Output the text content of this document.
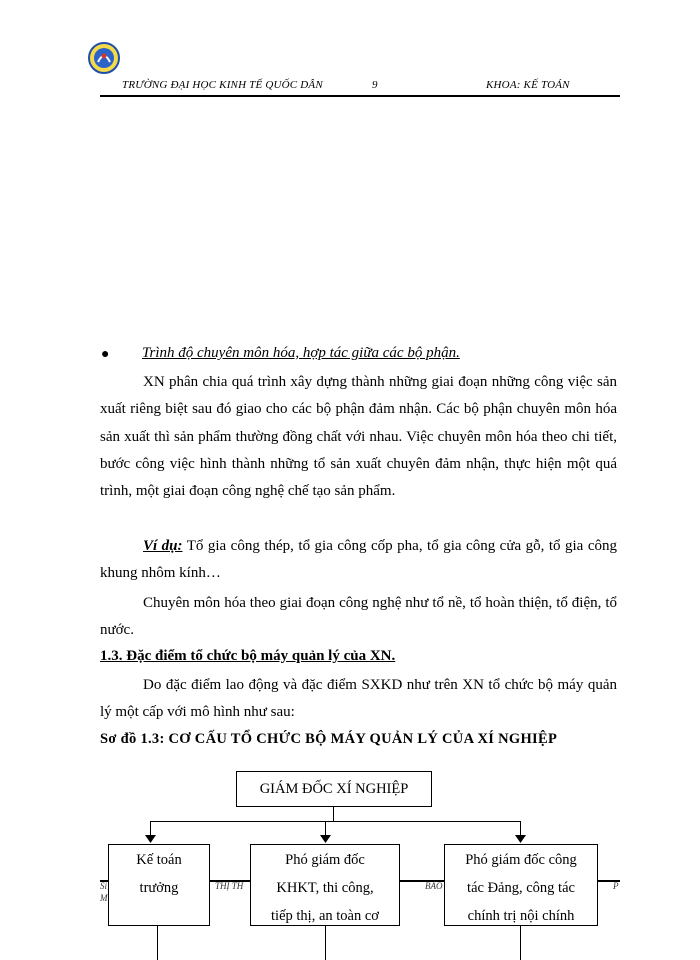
TRƯỜNG ĐẠI HỌC KINH TẾ QUỐC DÂN	9	KHOA: KẾ TOÁN
● Trình độ chuyên môn hóa, hợp tác giữa các bộ phận.

XN phân chia quá trình xây dựng thành những giai đoạn những công việc sản xuất riêng biệt sau đó giao cho các bộ phận đảm nhận. Các bộ phận chuyên môn hóa sản xuất thì sản phẩm thường đồng chất với nhau. Việc chuyên môn hóa theo chi tiết, bước công việc hình thành những tổ sản xuất chuyên đảm nhận, thực hiện một quá trình, một giai đoạn công nghệ chế tạo sản phẩm.

Ví dụ: Tổ gia công thép, tổ gia công cốp pha, tổ gia công cửa gỗ, tổ gia công khung nhôm kính…

Chuyên môn hóa theo giai đoạn công nghệ như tổ nề, tổ hoàn thiện, tổ điện, tổ nước.

1.3. Đặc điểm tổ chức bộ máy quản lý của XN.

Do đặc điểm lao động và đặc điểm SXKD như trên XN tổ chức bộ máy quản lý một cấp với mô hình như sau:

Sơ đồ 1.3: CƠ CẤU TỔ CHỨC BỘ MÁY QUẢN LÝ CỦA XÍ NGHIỆP
GIÁM ĐỐC XÍ NGHIỆP
Si
M
THỊ TH	BÁO	P
Kế toán
trưởng
Phó giám đốc
KHKT, thi công,
tiếp thị, an toàn cơ
Phó giám đốc công
tác Đảng, công tác
chính trị nội chính
